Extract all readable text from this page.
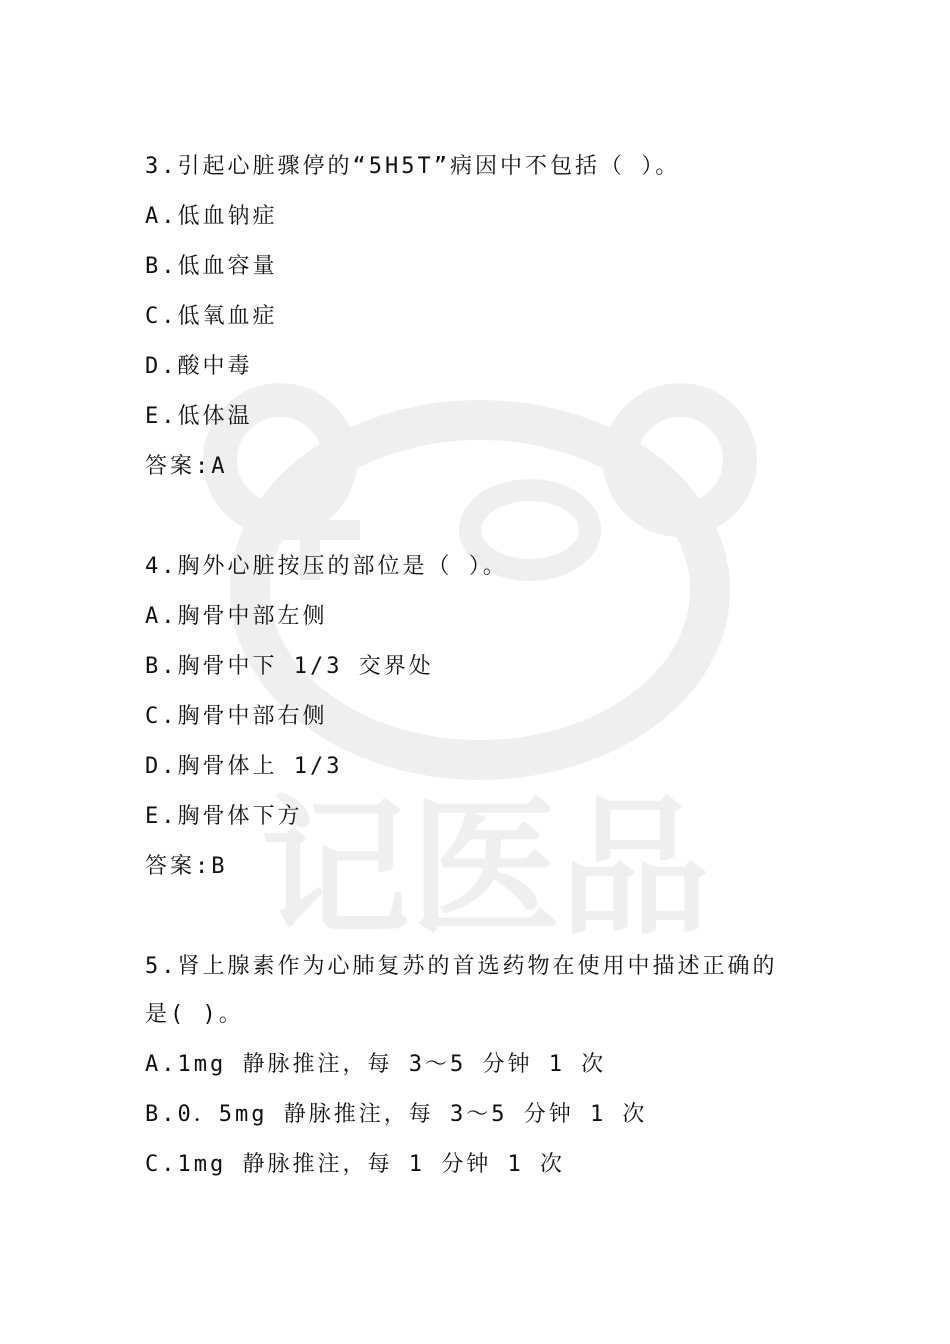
记医品
3.引起心脏骤停的“5H5T”病因中不包括（ ）。
A.低血钠症
B.低血容量
C.低氧血症
D.酸中毒
E.低体温
答案:A
4.胸外心脏按压的部位是（ ）。
A.胸骨中部左侧
B.胸骨中下 1/3 交界处
C.胸骨中部右侧
D.胸骨体上 1/3
E.胸骨体下方
答案:B
5.肾上腺素作为心肺复苏的首选药物在使用中描述正确的
是( )。
A.1mg 静脉推注，每 3～5 分钟 1 次
B.0．5mg 静脉推注，每 3～5 分钟 1 次
C.1mg 静脉推注，每 1 分钟 1 次
